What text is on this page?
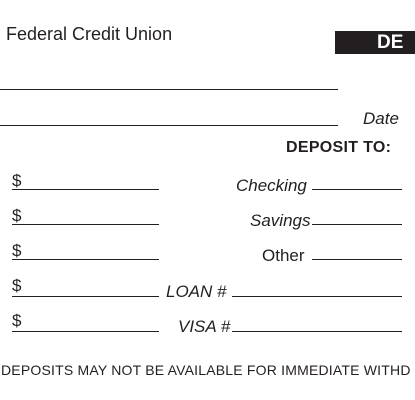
Federal Credit Union	DE
Date
DEPOSIT TO:
$	Checking
$	Savings
$	Other
$	LOAN #
$	VISA #
DEPOSITS MAY NOT BE AVAILABLE FOR IMMEDIATE WITHD
